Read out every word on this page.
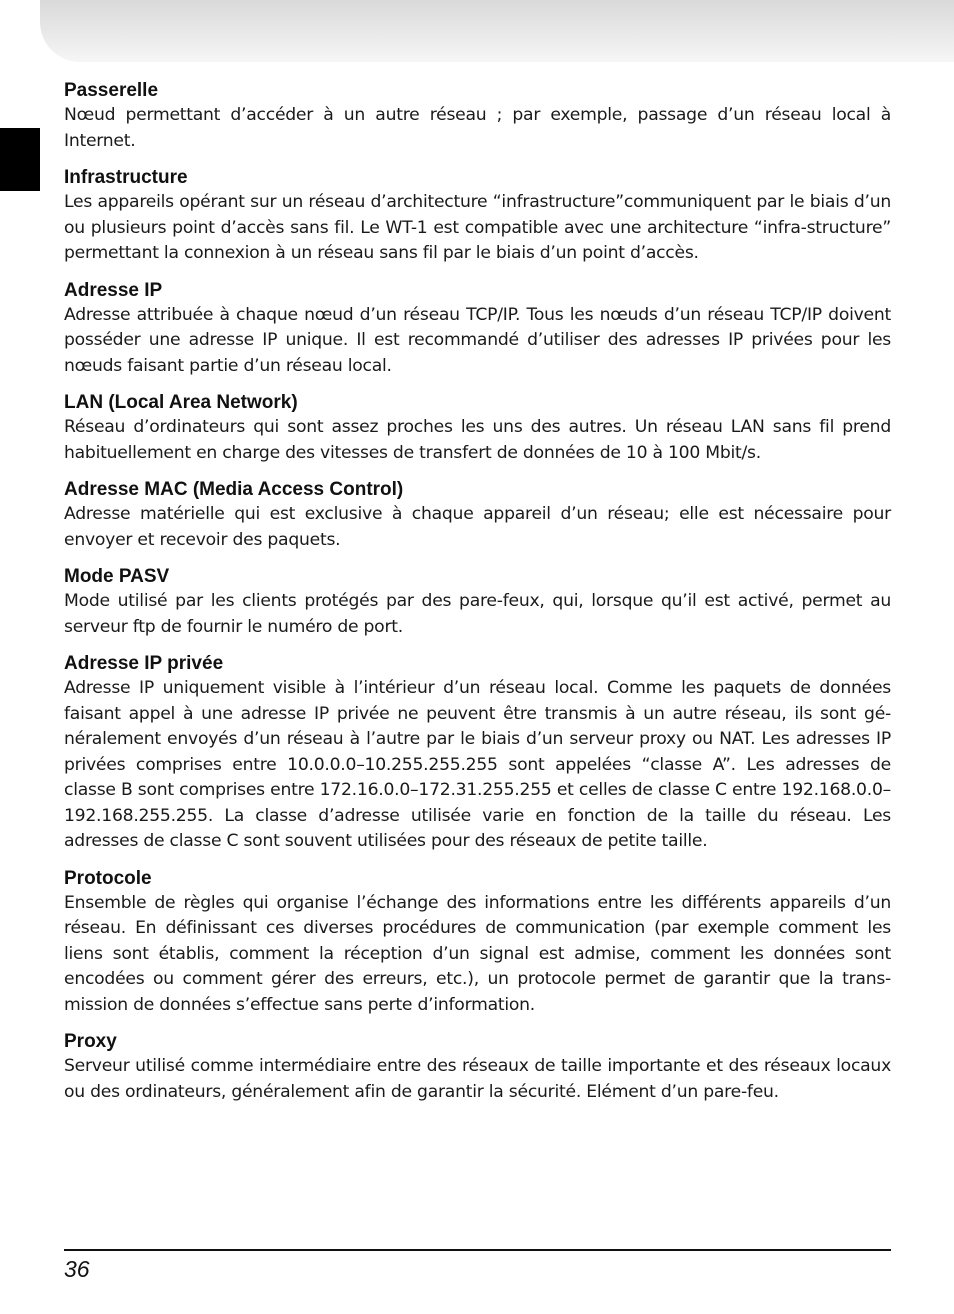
Passerelle

Nœud permettant d’accéder à un autre réseau ; par exemple, passage d’un réseau local à Internet.

Infrastructure

Les appareils opérant sur un réseau d’architecture “infrastructure”communiquent par le biais d’un ou plusieurs point d’accès sans fil. Le WT-1 est compatible avec une architecture “infra-structure” permettant la connexion à un réseau sans fil par le biais d’un point d’accès.

Adresse IP

Adresse attribuée à chaque nœud d’un réseau TCP/IP. Tous les nœuds d’un réseau TCP/IP doivent posséder une adresse IP unique. Il est recommandé d’utiliser des adresses IP privées pour les nœuds faisant partie d’un réseau local.

LAN (Local Area Network)

Réseau d’ordinateurs qui sont assez proches les uns des autres. Un réseau LAN sans fil prend habituellement en charge des vitesses de transfert de données de 10 à 100 Mbit/s.

Adresse MAC (Media Access Control)

Adresse matérielle qui est exclusive à chaque appareil d’un réseau; elle est nécessaire pour envoyer et recevoir des paquets.

Mode PASV

Mode utilisé par les clients protégés par des pare-feux, qui, lorsque qu’il est activé, permet au serveur ftp de fournir le numéro de port.

Adresse IP privée

Adresse IP uniquement visible à l’intérieur d’un réseau local. Comme les paquets de données faisant appel à une adresse IP privée ne peuvent être transmis à un autre réseau, ils sont gé-néralement envoyés d’un réseau à l’autre par le biais d’un serveur proxy ou NAT. Les adresses IP privées comprises entre 10.0.0.0–10.255.255.255 sont appelées “classe A”. Les adresses de classe B sont comprises entre 172.16.0.0–172.31.255.255 et celles de classe C entre 192.168.0.0–192.168.255.255. La classe d’adresse utilisée varie en fonction de la taille du réseau. Les adresses de classe C sont souvent utilisées pour des réseaux de petite taille.

Protocole

Ensemble de règles qui organise l’échange des informations entre les différents appareils d’un réseau. En définissant ces diverses procédures de communication (par exemple comment les liens sont établis, comment la réception d’un signal est admise, comment les données sont encodées ou comment gérer des erreurs, etc.), un protocole permet de garantir que la trans-mission de données s’effectue sans perte d’information.

Proxy

Serveur utilisé comme intermédiaire entre des réseaux de taille importante et des réseaux locaux ou des ordinateurs, généralement afin de garantir la sécurité. Elément d’un pare-feu.

36
